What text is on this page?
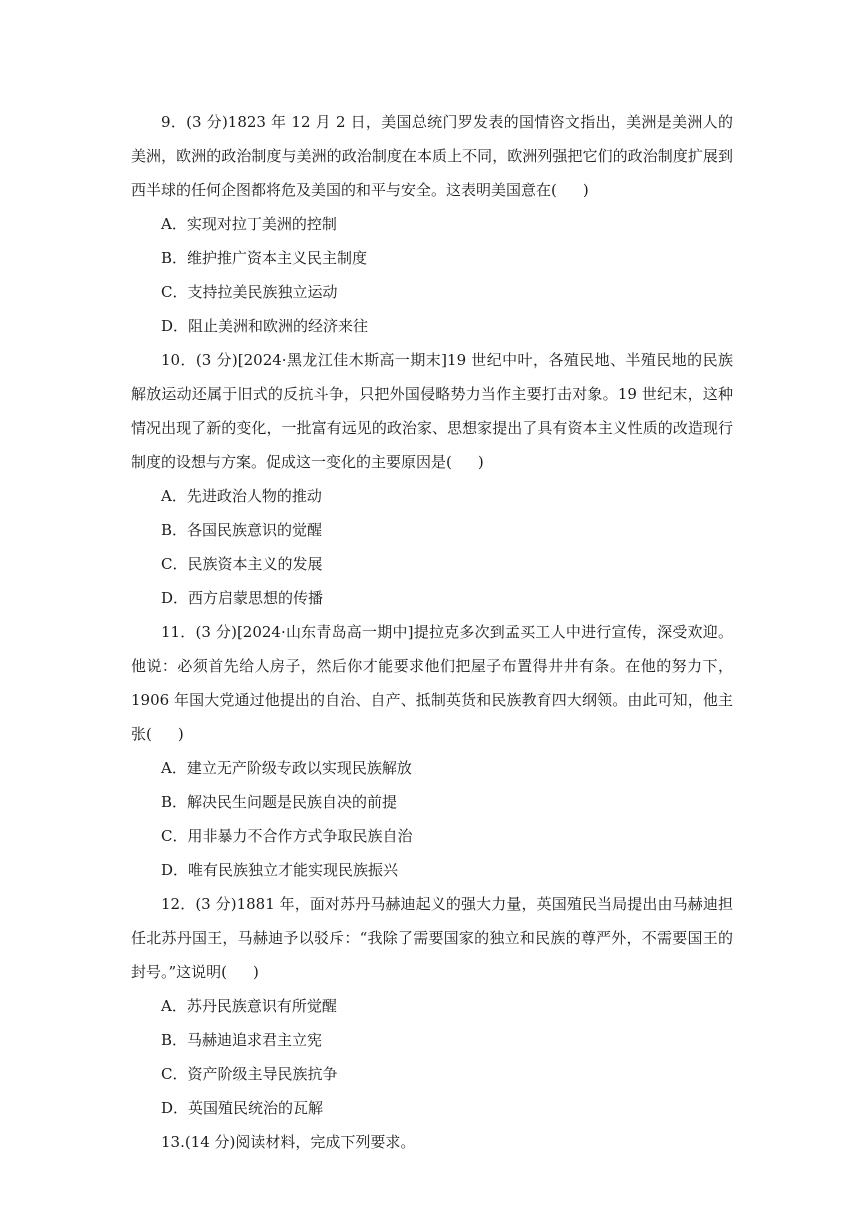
9．(3 分)1823 年 12 月 2 日，美国总统门罗发表的国情咨文指出，美洲是美洲人的美洲，欧洲的政治制度与美洲的政治制度在本质上不同，欧洲列强把它们的政治制度扩展到西半球的任何企图都将危及美国的和平与安全。这表明美国意在( )

A．实现对拉丁美洲的控制

B．维护推广资本主义民主制度

C．支持拉美民族独立运动

D．阻止美洲和欧洲的经济来往

10．(3 分)[2024·黑龙江佳木斯高一期末]19 世纪中叶，各殖民地、半殖民地的民族解放运动还属于旧式的反抗斗争，只把外国侵略势力当作主要打击对象。19 世纪末，这种情况出现了新的变化，一批富有远见的政治家、思想家提出了具有资本主义性质的改造现行制度的设想与方案。促成这一变化的主要原因是( )

A．先进政治人物的推动

B．各国民族意识的觉醒

C．民族资本主义的发展

D．西方启蒙思想的传播

11．(3 分)[2024·山东青岛高一期中]提拉克多次到孟买工人中进行宣传，深受欢迎。他说：必须首先给人房子，然后你才能要求他们把屋子布置得井井有条。在他的努力下，1906 年国大党通过他提出的自治、自产、抵制英货和民族教育四大纲领。由此可知，他主张( )

A．建立无产阶级专政以实现民族解放

B．解决民生问题是民族自决的前提

C．用非暴力不合作方式争取民族自治

D．唯有民族独立才能实现民族振兴

12．(3 分)1881 年，面对苏丹马赫迪起义的强大力量，英国殖民当局提出由马赫迪担任北苏丹国王，马赫迪予以驳斥：“我除了需要国家的独立和民族的尊严外，不需要国王的封号。”这说明( )

A．苏丹民族意识有所觉醒

B．马赫迪追求君主立宪

C．资产阶级主导民族抗争

D．英国殖民统治的瓦解

13.(14 分)阅读材料，完成下列要求。
